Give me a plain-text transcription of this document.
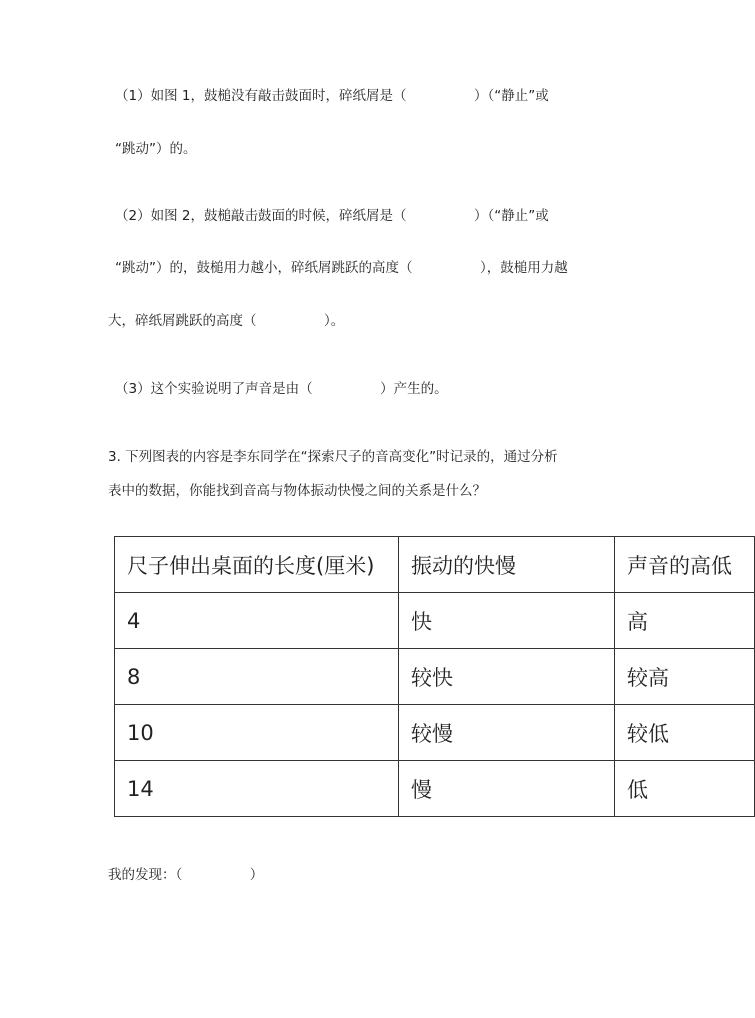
（1）如图 1，鼓槌没有敲击鼓面时，碎纸屑是（　　　　　）（“静止”或
“跳动”）的。
（2）如图 2，鼓槌敲击鼓面的时候，碎纸屑是（　　　　　）（“静止”或
“跳动”）的，鼓槌用力越小，碎纸屑跳跃的高度（　　　　　），鼓槌用力越
大，碎纸屑跳跃的高度（　　　　　）。
（3）这个实验说明了声音是由（　　　　　）产生的。
3. 下列图表的内容是李东同学在“探索尺子的音高变化”时记录的，通过分析
表中的数据，你能找到音高与物体振动快慢之间的关系是什么？
尺子伸出桌面的长度(厘米)	振动的快慢	声音的高低
4	快	高
8	较快	较高
10	较慢	较低
14	慢	低
我的发现：（　　　　　）
